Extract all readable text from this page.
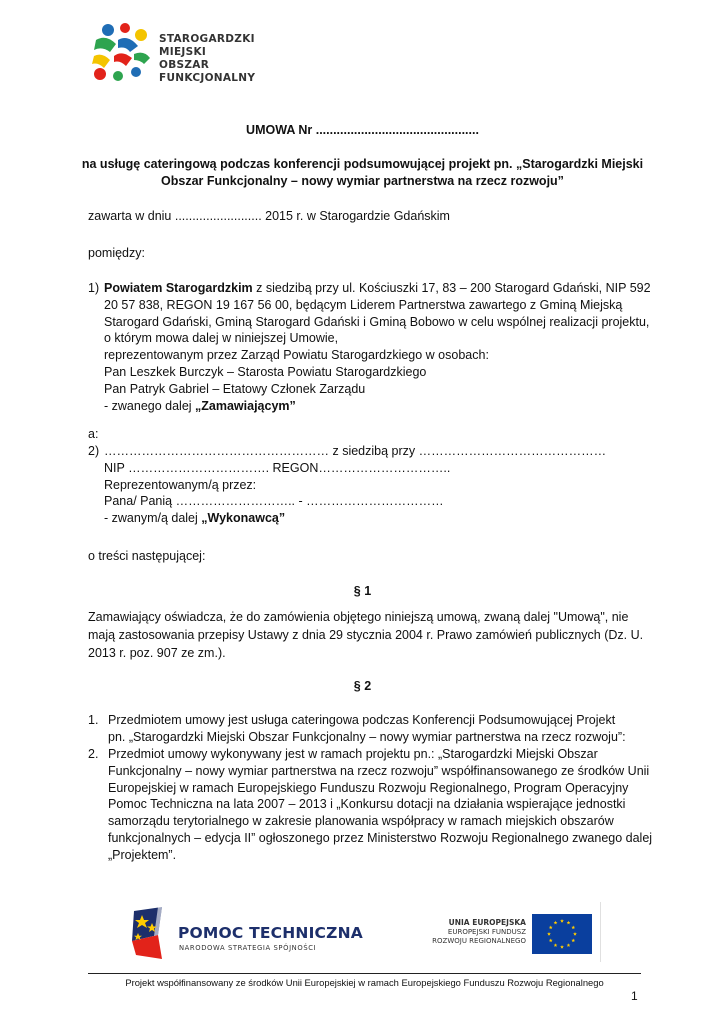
STAROGARDZKI
MIEJSKI OBSZAR
FUNKCJONALNY
UMOWA Nr ...............................................
na usługę cateringową podczas konferencji podsumowującej projekt pn. „Starogardzki Miejski
Obszar Funkcjonalny – nowy wymiar partnerstwa na rzecz rozwoju”
zawarta w dniu ......................... 2015 r. w Starogardzie Gdańskim
pomiędzy:
1) Powiatem Starogardzkim z siedzibą przy ul. Kościuszki 17, 83 – 200 Starogard Gdański, NIP 592
20 57 838, REGON 19 167 56 00, będącym Liderem Partnerstwa zawartego z Gminą Miejską
Starogard Gdański, Gminą Starogard Gdański i Gminą Bobowo w celu wspólnej realizacji projektu,
o którym mowa dalej w niniejszej Umowie,
reprezentowanym przez Zarząd Powiatu Starogardzkiego w osobach:
Pan Leszkek Burczyk – Starosta Powiatu Starogardzkiego
Pan Patryk Gabriel – Etatowy Członek Zarządu
- zwanego dalej „Zamawiającym”
a:
2) ……………………………………………… z siedzibą przy ………………………………………
NIP ……………………………. REGON…………………………..
Reprezentowanym/ą przez:
Pana/ Panią ……………………….. - ……………………………
- zwanym/ą dalej „Wykonawcą”
o treści następującej:
§ 1
Zamawiający oświadcza, że do zamówienia objętego niniejszą umową, zwaną dalej "Umową", nie
mają zastosowania przepisy Ustawy z dnia 29 stycznia 2004 r. Prawo zamówień publicznych (Dz. U.
2013 r. poz. 907 ze zm.).
§ 2
1. Przedmiotem umowy jest usługa cateringowa podczas Konferencji Podsumowującej Projekt
pn. „Starogardzki Miejski Obszar Funkcjonalny – nowy wymiar partnerstwa na rzecz rozwoju”:
2. Przedmiot umowy wykonywany jest w ramach projektu pn.: „Starogardzki Miejski Obszar
Funkcjonalny – nowy wymiar partnerstwa na rzecz rozwoju” współfinansowanego ze środków Unii
Europejskiej w ramach Europejskiego Funduszu Rozwoju Regionalnego, Program Operacyjny
Pomoc Techniczna na lata 2007 – 2013 i „Konkursu dotacji na działania wspierające jednostki
samorządu terytorialnego w zakresie planowania współpracy w ramach miejskich obszarów
funkcjonalnych – edycja II” ogłoszonego przez Ministerstwo Rozwoju Regionalnego zwanego dalej
„Projektem”.
POMOC TECHNICZNA
NARODOWA STRATEGIA SPÓJNOŚCI
UNIA EUROPEJSKA
EUROPEJSKI FUNDUSZ
ROZWOJU REGIONALNEGO
Projekt współfinansowany ze środków Unii Europejskiej w ramach Europejskiego Funduszu Rozwoju Regionalnego
1
